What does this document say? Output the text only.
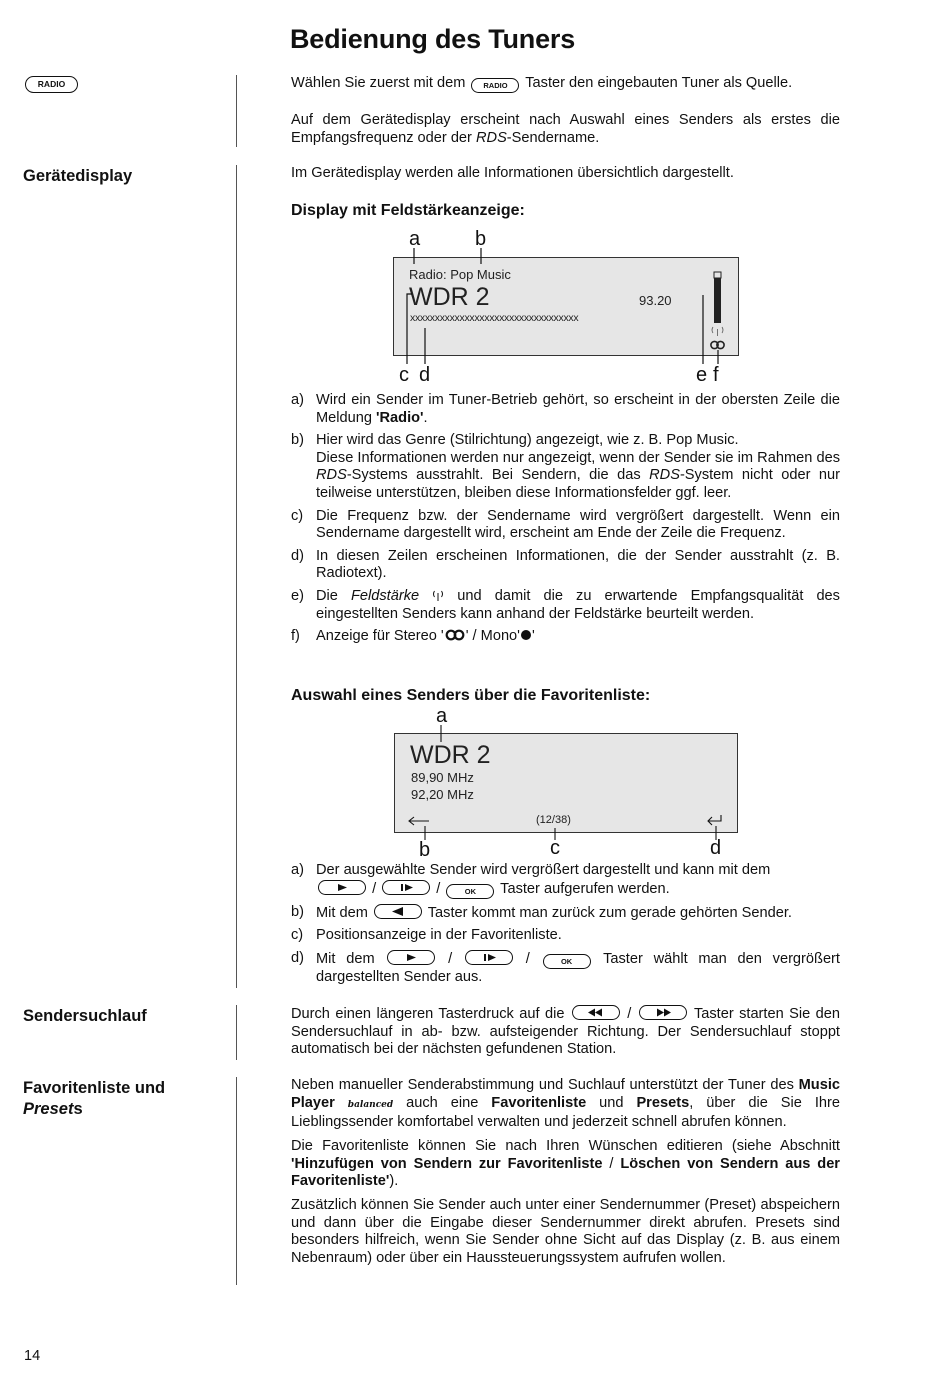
Bedienung des Tuners
RADIO
Gerätedisplay
Sendersuchlauf
Favoritenliste und
Presets
Wählen Sie zuerst mit dem $^{RADIO}$ Taster den eingebauten Tuner als Quelle.
Auf dem Gerätedisplay erscheint nach Auswahl eines Senders als erstes die Empfangsfrequenz oder der RDS-Sendername.
Im Gerätedisplay werden alle Informationen übersichtlich dargestellt.
Display mit Feldstärkeanzeige:
Radio: Pop Music
WDR 2	93.20
xxxxxxxxxxxxxxxxxxxxxxxxxxxxxxxxxx
a	b
c d	e f
a) Wird ein Sender im Tuner-Betrieb gehört, so erscheint in der obersten Zeile die Meldung 'Radio'.
b) Hier wird das Genre (Stilrichtung) angezeigt, wie z. B. Pop Music.
Diese Informationen werden nur angezeigt, wenn der Sender sie im Rahmen des RDS-Systems ausstrahlt. Bei Sendern, die das RDS-System nicht oder nur teilweise unterstützen, bleiben diese Informationsfelder ggf. leer.
c) Die Frequenz bzw. der Sendername wird vergrößert dargestellt. Wenn ein Sendername dargestellt wird, erscheint am Ende der Zeile die Frequenz.
d) In diesen Zeilen erscheinen Informationen, die der Sender ausstrahlt (z. B. Radiotext).
e) Die Feldstärke	und damit die zu erwartende Empfangsqualität des eingestellten Senders kann anhand der Feldstärke beurteilt werden.
f) Anzeige für Stereo ' ' / Mono' '
Auswahl eines Senders über die Favoritenliste:
WDR 2
89,90 MHz
92,20 MHz
(12/38)
a
b	c	d
a) Der ausgewählte Sender wird vergrößert dargestellt und kann mit dem

/	/	$^{OK}$ Taster aufgerufen werden.
b) Mit dem	Taster kommt man zurück zum gerade gehörten Sender.
c) Positionsanzeige in der Favoritenliste.
d) Mit dem	/	/	$^{OK}$ Taster wählt man den vergrößert dargestellten Sender aus.
Durch einen längeren Tasterdruck auf die	/	Taster starten Sie den Sendersuchlauf in ab- bzw. aufsteigender Richtung. Der Sendersuchlauf stoppt automatisch bei der nächsten gefundenen Station.
Neben manueller Senderabstimmung und Suchlauf unterstützt der Tuner des Music Player balanced auch eine Favoritenliste und Presets, über die Sie Ihre Lieblingssender komfortabel verwalten und jederzeit schnell abrufen können.
Die Favoritenliste können Sie nach Ihren Wünschen editieren (siehe Abschnitt 'Hinzufügen von Sendern zur Favoritenliste / Löschen von Sendern aus der Favoritenliste').
Zusätzlich können Sie Sender auch unter einer Sendernummer (Preset) abspeichern und dann über die Eingabe dieser Sendernummer direkt abrufen. Presets sind besonders hilfreich, wenn Sie Sender ohne Sicht auf das Display (z. B. aus einem Nebenraum) oder über ein Haussteuerungssystem aufrufen wollen.
14
